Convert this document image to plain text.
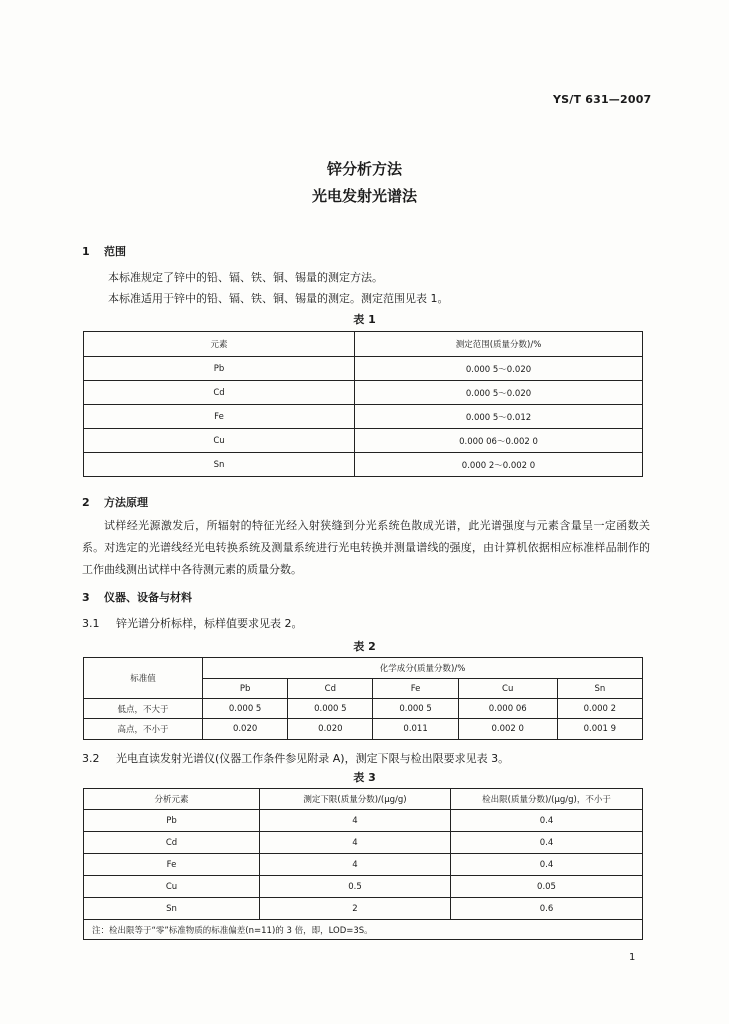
YS/T 631—2007
锌分析方法
光电发射光谱法
1 范围
本标准规定了锌中的铅、镉、铁、铜、锡量的测定方法。
本标准适用于锌中的铅、镉、铁、铜、锡量的测定。测定范围见表 1。
表 1
元素	测定范围(质量分数)/%
Pb	0.000 5～0.020
Cd	0.000 5～0.020
Fe	0.000 5～0.012
Cu	0.000 06～0.002 0
Sn	0.000 2～0.002 0
2 方法原理
试样经光源激发后，所辐射的特征光经入射狭缝到分光系统色散成光谱，此光谱强度与元素含量呈一定函数关系。对选定的光谱线经光电转换系统及测量系统进行光电转换并测量谱线的强度，由计算机依据相应标准样品制作的工作曲线测出试样中各待测元素的质量分数。
3 仪器、设备与材料
3.1 锌光谱分析标样，标样值要求见表 2。
表 2
标准值	化学成分(质量分数)/%				
	Pb	Cd	Fe	Cu	Sn
低点，不大于	0.000 5	0.000 5	0.000 5	0.000 06	0.000 2
高点，不小于	0.020	0.020	0.011	0.002 0	0.001 9
3.2 光电直读发射光谱仪(仪器工作条件参见附录 A)，测定下限与检出限要求见表 3。
表 3
分析元素	测定下限(质量分数)/(μg/g)	检出限(质量分数)/(μg/g)，不小于
Pb	4	0.4
Cd	4	0.4
Fe	4	0.4
Cu	0.5	0.05
Sn	2	0.6
注：检出限等于“零”标准物质的标准偏差(n=11)的 3 倍，即，LOD=3S。		
1
